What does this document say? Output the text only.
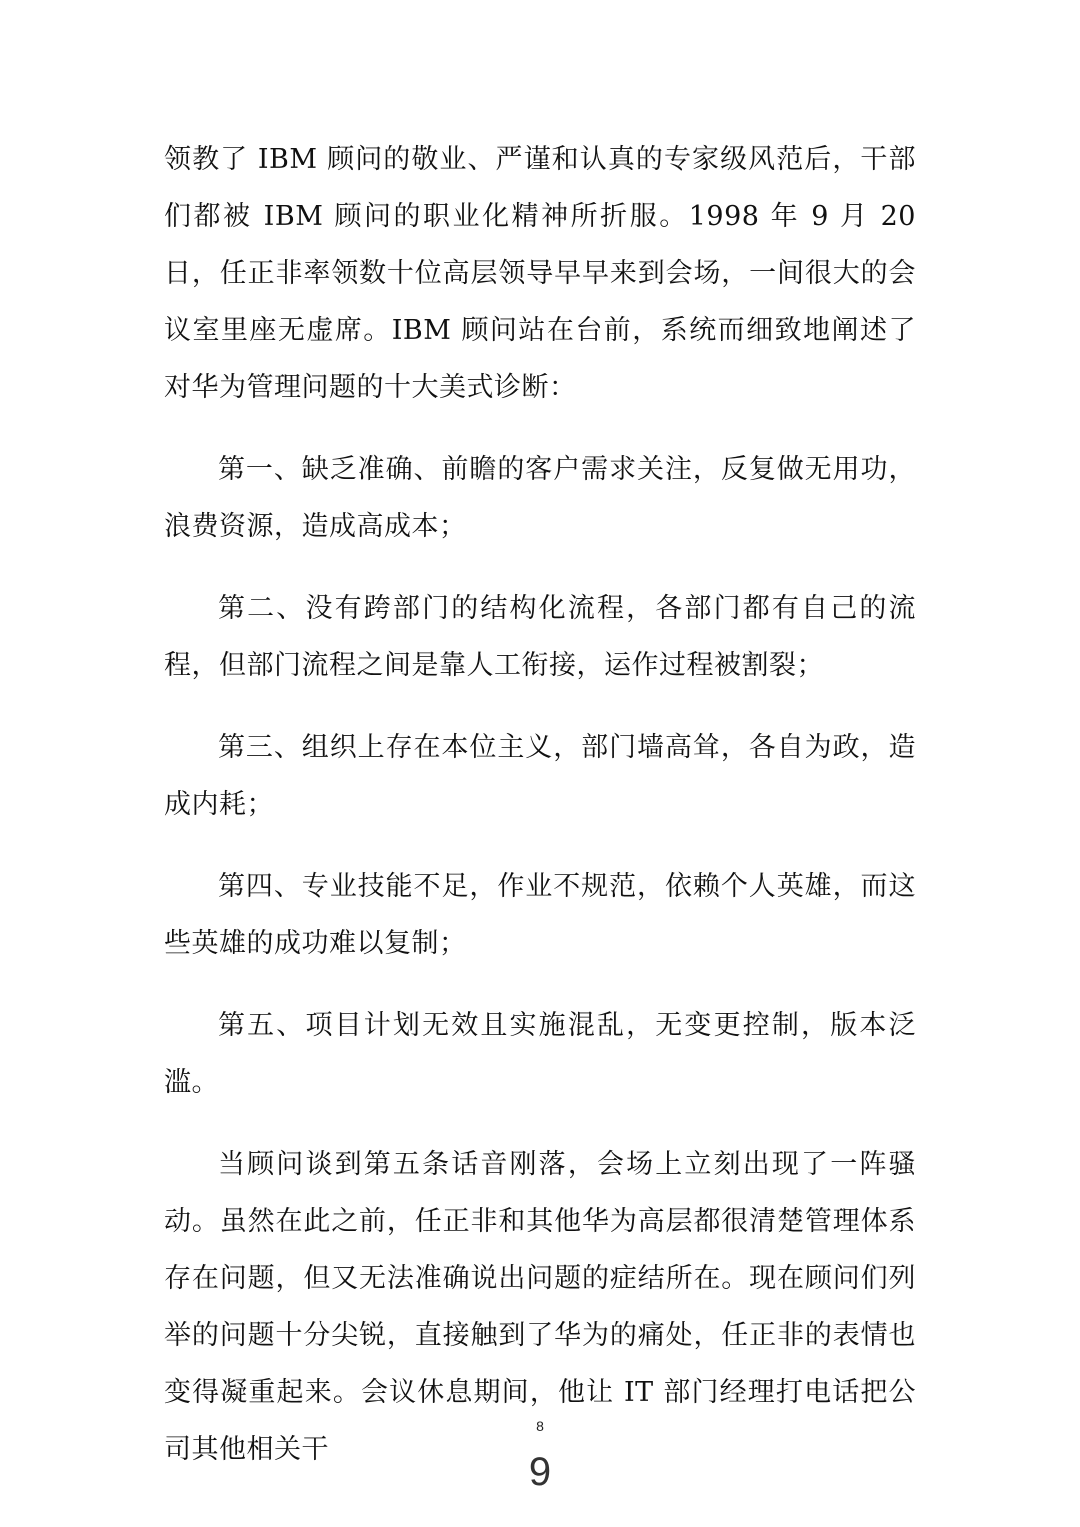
领教了 IBM 顾问的敬业、严谨和认真的专家级风范后，干部们都被 IBM 顾问的职业化精神所折服。1998 年 9 月 20 日，任正非率领数十位高层领导早早来到会场，一间很大的会议室里座无虚席。IBM 顾问站在台前，系统而细致地阐述了对华为管理问题的十大美式诊断：

第一、缺乏准确、前瞻的客户需求关注，反复做无用功，浪费资源，造成高成本；

第二、没有跨部门的结构化流程，各部门都有自己的流程，但部门流程之间是靠人工衔接，运作过程被割裂；

第三、组织上存在本位主义，部门墙高耸，各自为政，造成内耗；

第四、专业技能不足，作业不规范，依赖个人英雄，而这些英雄的成功难以复制；

第五、项目计划无效且实施混乱，无变更控制，版本泛滥。

当顾问谈到第五条话音刚落，会场上立刻出现了一阵骚动。虽然在此之前，任正非和其他华为高层都很清楚管理体系存在问题，但又无法准确说出问题的症结所在。现在顾问们列举的问题十分尖锐，直接触到了华为的痛处，任正非的表情也变得凝重起来。会议休息期间，他让 IT 部门经理打电话把公司其他相关干

8
9
